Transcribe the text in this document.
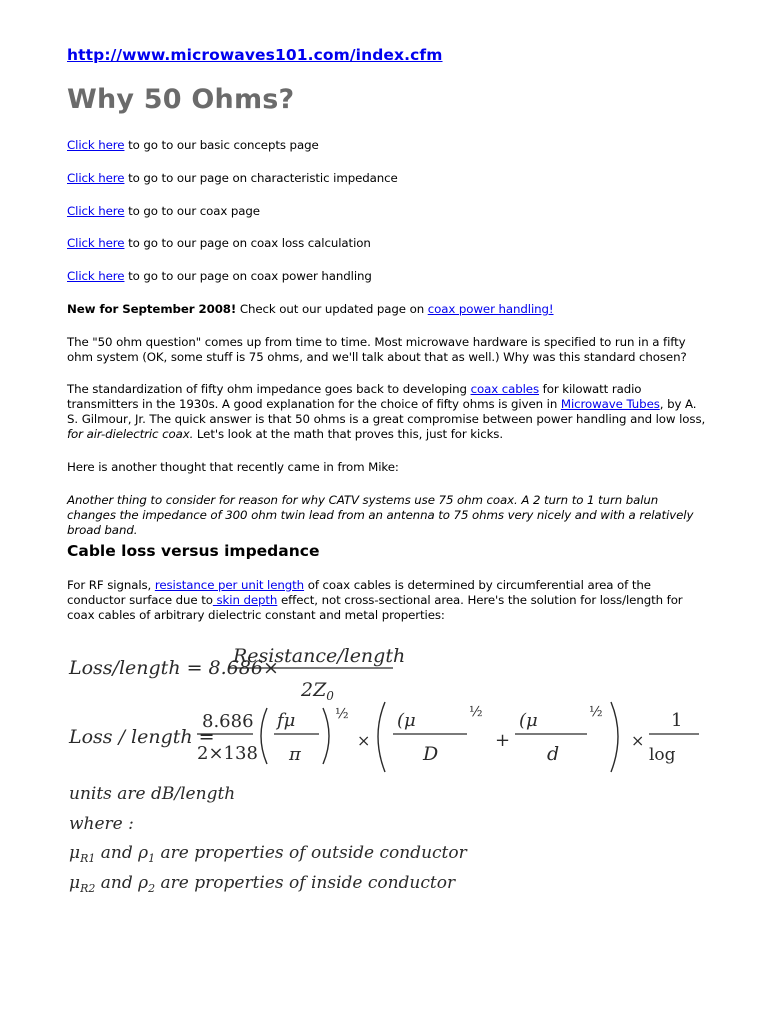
http://www.microwaves101.com/index.cfm
Why 50 Ohms?

Click here to go to our basic concepts page

Click here to go to our page on characteristic impedance

Click here to go to our coax page

Click here to go to our page on coax loss calculation

Click here to go to our page on coax power handling

New for September 2008! Check out our updated page on coax power handling!

The "50 ohm question" comes up from time to time. Most microwave hardware is specified to run in a fifty ohm system (OK, some stuff is 75 ohms, and we'll talk about that as well.) Why was this standard chosen?

The standardization of fifty ohm impedance goes back to developing coax cables for kilowatt radio transmitters in the 1930s. A good explanation for the choice of fifty ohms is given in Microwave Tubes, by A. S. Gilmour, Jr. The quick answer is that 50 ohms is a great compromise between power handling and low loss, for air-dielectric coax. Let's look at the math that proves this, just for kicks.

Here is another thought that recently came in from Mike:

Another thing to consider for reason for why CATV systems use 75 ohm coax. A 2 turn to 1 turn balun changes the impedance of 300 ohm twin lead from an antenna to 75 ohms very nicely and with a relatively broad band.

Cable loss versus impedance

For RF signals, resistance per unit length of coax cables is determined by circumferential area of the conductor surface due to skin depth effect, not cross-sectional area. Here's the solution for loss/length for coax cables of arbitrary dielectric constant and metal properties:

Loss/length = 8.686×
Resistance/length
$2Z_0$
Loss / length =
8.686
2×138
fμ
π
½
×
(μ
D
½
+
(μ
d
½
×
1
log
units are dB/length
where :
$\mu_{R1}$ and $\rho_1$ are properties of outside conductor
$\mu_{R2}$ and $\rho_2$ are properties of inside conductor
